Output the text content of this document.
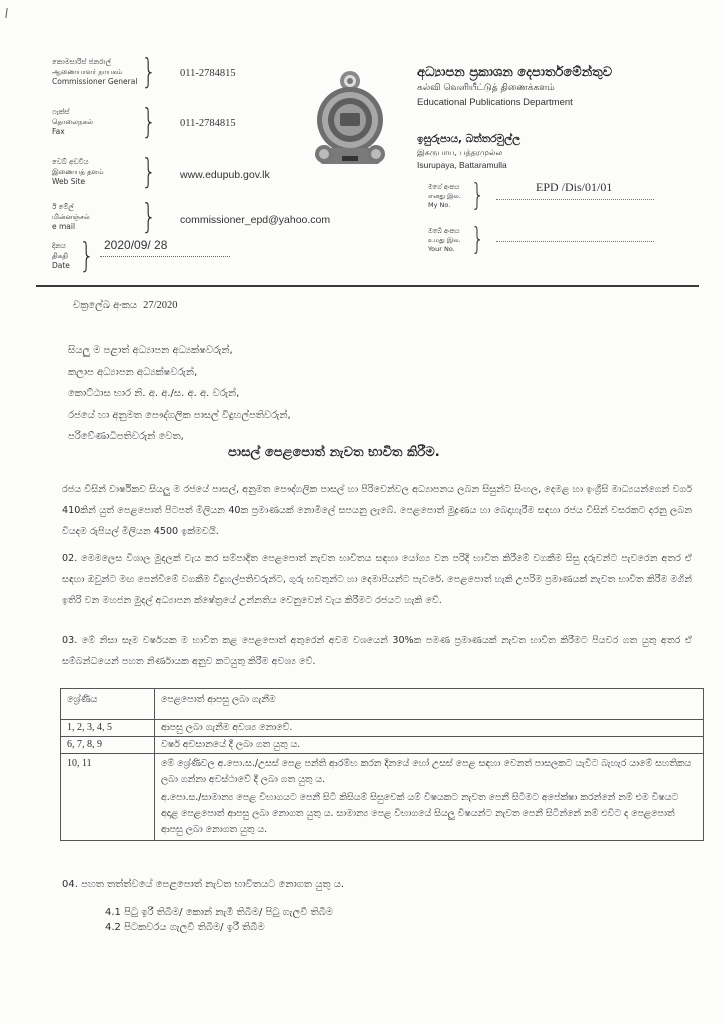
කොමසාරිස් ජනරාල්
ஆணையாளர் நாயகம்
Commissioner General } 011-2784815
ෆැක්ස්
தொலைநகல்
Fax	} 011-2784815
වෙබ් අඩවිය
இணையத் தளம்
Web Site	} www.edupub.gov.lk
ඊ මේල්
மின்னஞ்சல்
e mail	} commissioner_epd@yahoo.com
දිනය
திகதி
Date } 2020/09/ 28
අධ්‍යාපන ප්‍රකාශන දෙපාර්තමේන්තුව
கல்வி வெளியீட்டுத் திணைக்களம்
Educational Publications Department
ඉසුරුපාය, බත්තරමුල්ල
இசுருபாய, பத்தரமுல்ல
Isurupaya, Battaramulla
මගේ අංකය
எனது இல.
My No. }	EPD /Dis/01/01
ඔබේ අංකය
உமது இல.
Your No. }
චක්‍රලේඛ අංකය 27/2020
සියලු ම පළාත් අධ්‍යාපන අධ්‍යක්ෂවරුන්,
කලාප අධ්‍යාපන අධ්‍යක්ෂවරුන්,
කොට්ඨාස භාර නි. අ. අ./ස. අ. අ. වරුන්,
රජයේ හා අනුමත පෞද්ගලික පාසල් විදුහල්පතිවරුන්,
පරිවේණාධිපතිවරුන් වෙත,
පාසල් පෙළපොත් නැවත භාවිත කිරීම.
රජය විසින් වාර්ෂිකව සියලු ම රජයේ පාසල්, අනුමත පෞද්ගලික පාසල් හා පිරිවෙන්වල අධ්‍යාපනය ලබන සිසුන්ට සිංහල, දෙමළ හා ඉංග්‍රීසි මාධ්‍යයන්ගෙන් වර්ග 410කින් යුත් පෙළපොත් පිටපත් මිලියන 40ක ප්‍රමාණයක් නොමිලේ සපයනු ලැබේ. පෙළපොත් මුද්‍රණය හා බෙදාහැරීම සඳහා රජය විසින් වසරකට දරනු ලබන වියදම රුපියල් මිලියන 4500 ඉක්මවයි.
02. මෙමලෙස විශාල මුදලක් වැය කර සම්පාදිත පෙළපොත් නැවත භාවිතය සඳහා යෝග්‍ය වන පරිදි භාවිත කිරීමේ වගකීම සිසු දරුවන්ට පැවරෙන අතර ඒ සඳහා ඔවුන්ට මඟ පෙන්වීමේ වගකීම විදුහල්පතිවරුන්ට, ගුරු භවතුන්ට හා දෙමාපියන්ට පැවරේ. පෙළපොත් හැකි උපරිම ප්‍රමාණයක් නැවත භාවිත කිරීම මගින් ඉතිරි වන මහජන මුදල් අධ්‍යාපන ක්ෂේත්‍රයේ උන්නතිය වෙනුවෙන් වැය කිරීමට රජයට හැකි වේ.
03. මේ නිසා සෑම වර්ෂයක ම භාවිත කළ පෙළපොත් අතුරෙන් අවම වශයෙන් 30%ක පමණ ප්‍රමාණයක් නැවත භාවිත කිරීමට පියවර ගත යුතු අතර ඒ සම්බන්ධයෙන් පහත නිර්ණායක අනුව කටයුතු කිරීම අවශ්‍ය වේ.
ශ්‍රේණිය	පෙළපොත් ආපසු ලබා ගැනීම
1, 2, 3, 4, 5	ආපසු ලබා ගැනීම අවශ්‍ය නොවේ.
6, 7, 8, 9	වර්ෂ අවසානයේ දී ලබා ගත යුතු ය.
10, 11	මේ ශ්‍රේණිවල අ.පො.ස./උසස් පෙළ පන්ති ආරම්භ කරන දිනයේ හෝ උසස් පෙළ සඳහා වෙනත් පාසලකට යැවීට බැහැර යාමේ සහතිකය ලබා ගන්නා අවස්ථාවේ දී ලබා ගත යුතු ය.
අ.පො.ස./සාමාන්‍ය පෙළ විභාගයට පෙනී සිටි කිසියම් සිසුවෙක් යම් විෂයකට නැවත පෙනී සිටීමට අපේක්ෂා කරන්නේ නම් එම විෂයට අදාළ පෙළපොත් ආපසු ලබා නොගත යුතු ය. සාමාන්‍ය පෙළ විභාගයේ සියලු විෂයන්ට නැවත පෙනී සිටින්නේ නම් එවිට ද පෙළපොත් ආපසු ලබා නොගත යුතු ය.
04. පහත තත්ත්වයේ පෙළපොත් නැවත භාවිතයට නොගත යුතු ය.
4.1 පිටු ඉරී තිබීම/ කොන් නැමී තිබීම/ පිටු ගැලවී තිබීම
4.2 පිටකවරය ගැලවී තිබීම/ ඉරී තිබීම
